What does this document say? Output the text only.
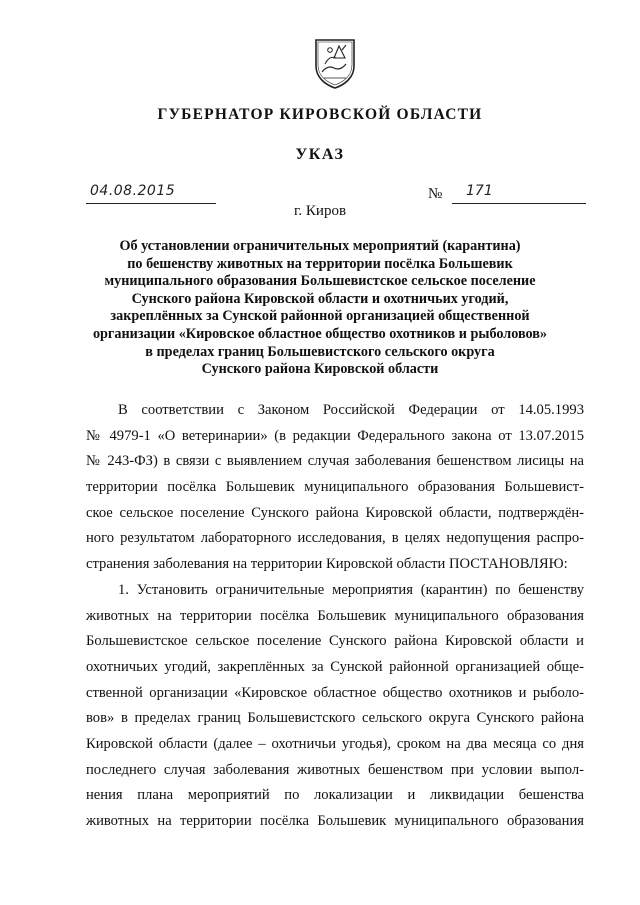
ГУБЕРНАТОР КИРОВСКОЙ ОБЛАСТИ
УКАЗ
04.08.2015	№ 171
г. Киров
Об установлении ограничительных мероприятий (карантина)
по бешенству животных на территории посёлка Большевик
муниципального образования Большевистское сельское поселение
Сунского района Кировской области и охотничьих угодий,
закреплённых за Сунской районной организацией общественной
организации «Кировское областное общество охотников и рыболовов»
в пределах границ Большевистского сельского округа
Сунского района Кировской области
В соответствии с Законом Российской Федерации от 14.05.1993
№ 4979-1 «О ветеринарии» (в редакции Федерального закона от 13.07.2015
№ 243-ФЗ) в связи с выявлением случая заболевания бешенством лисицы на
территории посёлка Большевик муниципального образования Большевист-
ское сельское поселение Сунского района Кировской области, подтверждён-
ного результатом лабораторного исследования, в целях недопущения распро-
странения заболевания на территории Кировской области ПОСТАНОВЛЯЮ:
1. Установить ограничительные мероприятия (карантин) по бешенству
животных на территории посёлка Большевик муниципального образования
Большевистское сельское поселение Сунского района Кировской области и
охотничьих угодий, закреплённых за Сунской районной организацией обще-
ственной организации «Кировское областное общество охотников и рыболо-
вов» в пределах границ Большевистского сельского округа Сунского района
Кировской области (далее – охотничьи угодья), сроком на два месяца со дня
последнего случая заболевания животных бешенством при условии выпол-
нения плана мероприятий по локализации и ликвидации бешенства
животных на территории посёлка Большевик муниципального образования
